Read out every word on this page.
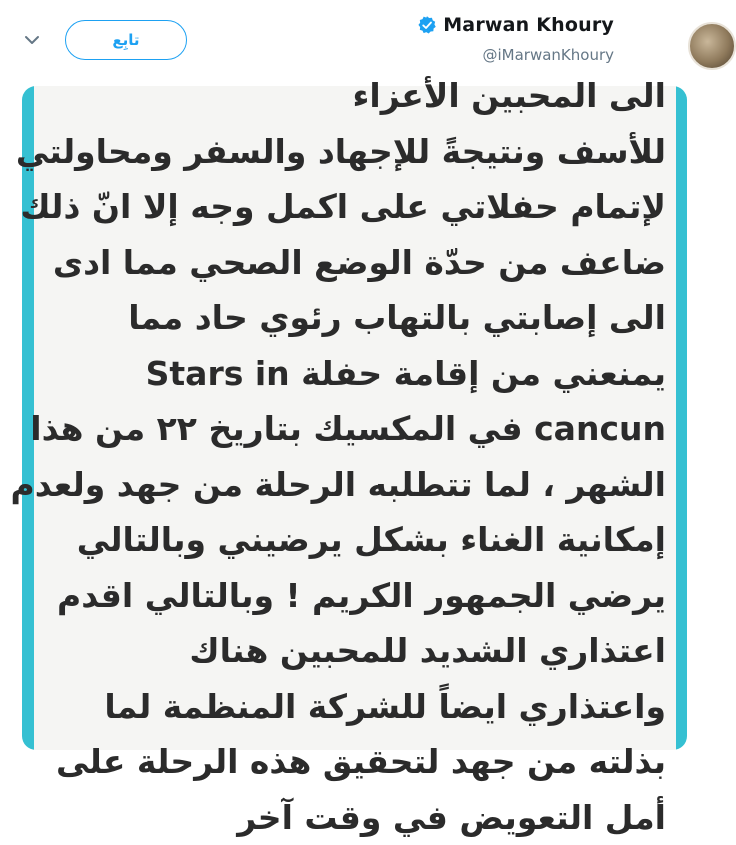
تابِع
Marwan Khoury
@iMarwanKhoury
الى المحبين الأعزاء
للأسف ونتيجةً للإجهاد والسفر ومحاولتي
لإتمام حفلاتي على اكمل وجه إلا انّ ذلك
ضاعف من حدّة الوضع الصحي مما ادى
الى إصابتي بالتهاب رئوي حاد مما
يمنعني من إقامة حفلة Stars in
cancun في المكسيك بتاريخ ٢٢ من هذا
الشهر ، لما تتطلبه الرحلة من جهد ولعدم
إمكانية الغناء بشكل يرضيني وبالتالي
يرضي الجمهور الكريم ! وبالتالي اقدم
اعتذاري الشديد للمحبين هناك
واعتذاري ايضاً للشركة المنظمة لما
بذلته من جهد لتحقيق هذه الرحلة على
أمل التعويض في وقت آخر
